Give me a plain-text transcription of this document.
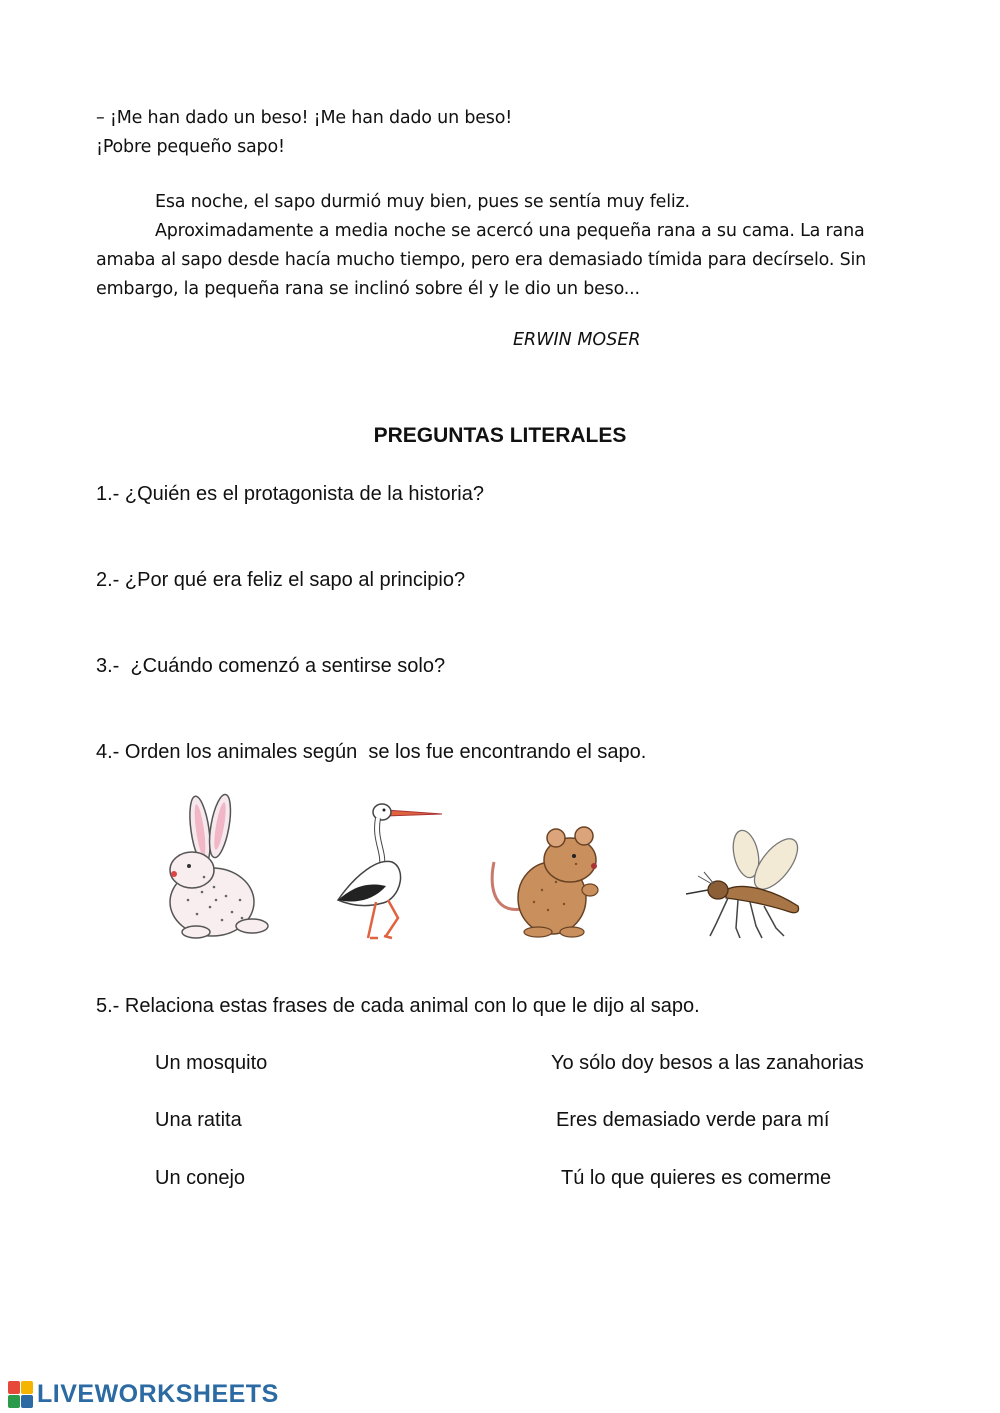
– ¡Me han dado un beso! ¡Me han dado un beso!

¡Pobre pequeño sapo!

Esa noche, el sapo durmió muy bien, pues se sentía muy feliz.

Aproximadamente a media noche se acercó una pequeña rana a su cama. La rana amaba al sapo desde hacía mucho tiempo, pero era demasiado tímida para decírselo. Sin embargo, la pequeña rana se inclinó sobre él y le dio un beso...

ERWIN MOSER
PREGUNTAS LITERALES
1.- ¿Quién es el protagonista de la historia?
2.- ¿Por qué era feliz el sapo al principio?
3.-  ¿Cuándo comenzó a sentirse solo?
4.- Orden los animales según  se los fue encontrando el sapo.
5.- Relaciona estas frases de cada animal con lo que le dijo al sapo.
Un mosquito
Una ratita
Un conejo
Yo sólo doy besos a las zanahorias
Eres demasiado verde para mí
Tú lo que quieres es comerme
LIVEWORKSHEETS
